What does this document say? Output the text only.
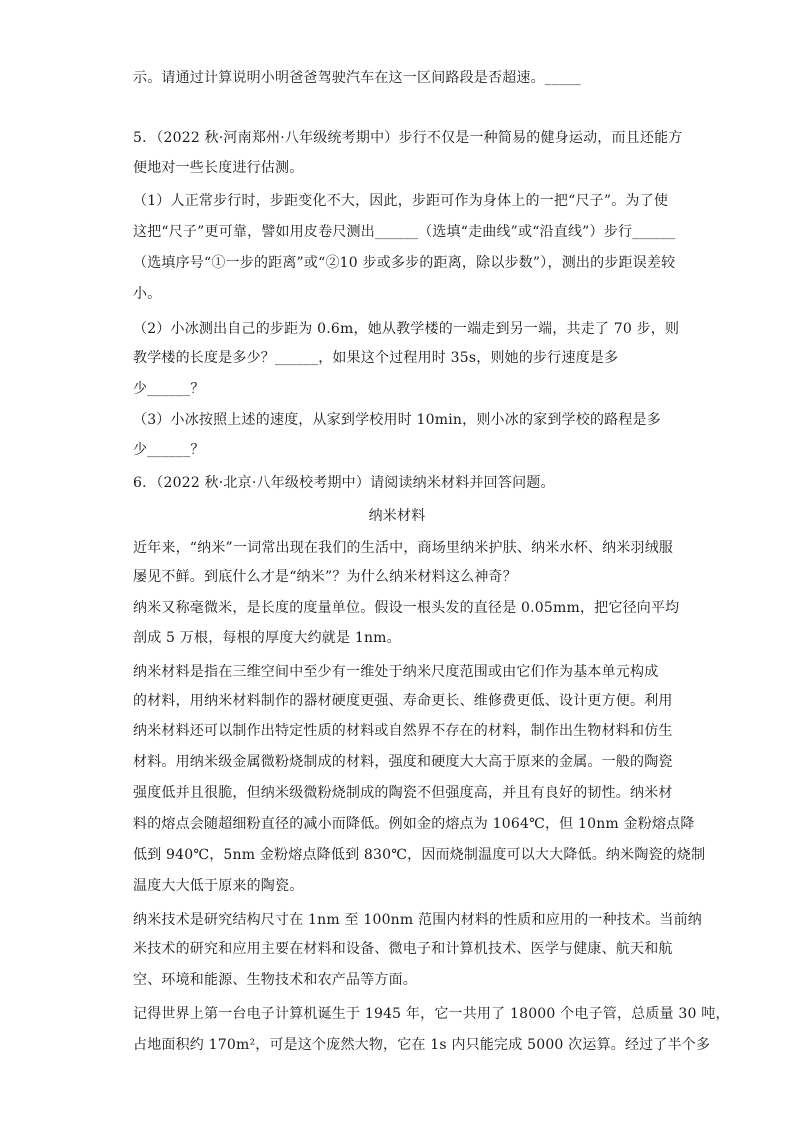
示。请通过计算说明小明爸爸驾驶汽车在这一区间路段是否超速。_____
5．（2022 秋·河南郑州·八年级统考期中）步行不仅是一种简易的健身运动，而且还能方
便地对一些长度进行估测。
（1）人正常步行时，步距变化不大，因此，步距可作为身体上的一把“尺子”。为了使
这把“尺子”更可靠，譬如用皮卷尺测出______（选填“走曲线”或“沿直线”）步行______
（选填序号“①一步的距离”或“②10 步或多步的距离，除以步数”），测出的步距误差较
小。
（2）小冰测出自己的步距为 0.6m，她从教学楼的一端走到另一端，共走了 70 步，则
教学楼的长度是多少？______，如果这个过程用时 35s，则她的步行速度是多
少______？
（3）小冰按照上述的速度，从家到学校用时 10min，则小冰的家到学校的路程是多
少______？
6．（2022 秋·北京·八年级校考期中）请阅读纳米材料并回答问题。
纳米材料
近年来，“纳米”一词常出现在我们的生活中，商场里纳米护肤、纳米水杯、纳米羽绒服
屡见不鲜。到底什么才是“纳米”？为什么纳米材料这么神奇？
纳米又称毫微米，是长度的度量单位。假设一根头发的直径是 0.05mm，把它径向平均
剖成 5 万根，每根的厚度大约就是 1nm。
纳米材料是指在三维空间中至少有一维处于纳米尺度范围或由它们作为基本单元构成
的材料，用纳米材料制作的器材硬度更强、寿命更长、维修费更低、设计更方便。利用
纳米材料还可以制作出特定性质的材料或自然界不存在的材料，制作出生物材料和仿生
材料。用纳米级金属微粉烧制成的材料，强度和硬度大大高于原来的金属。一般的陶瓷
强度低并且很脆，但纳米级微粉烧制成的陶瓷不但强度高，并且有良好的韧性。纳米材
料的熔点会随超细粉直径的减小而降低。例如金的熔点为 1064℃，但 10nm 金粉熔点降
低到 940℃，5nm 金粉熔点降低到 830℃，因而烧制温度可以大大降低。纳米陶瓷的烧制
温度大大低于原来的陶瓷。
纳米技术是研究结构尺寸在 1nm 至 100nm 范围内材料的性质和应用的一种技术。当前纳
米技术的研究和应用主要在材料和设备、微电子和计算机技术、医学与健康、航天和航
空、环境和能源、生物技术和农产品等方面。
记得世界上第一台电子计算机诞生于 1945 年，它一共用了 18000 个电子管，总质量 30 吨，
占地面积约 170m²，可是这个庞然大物，它在 1s 内只能完成 5000 次运算。经过了半个多
